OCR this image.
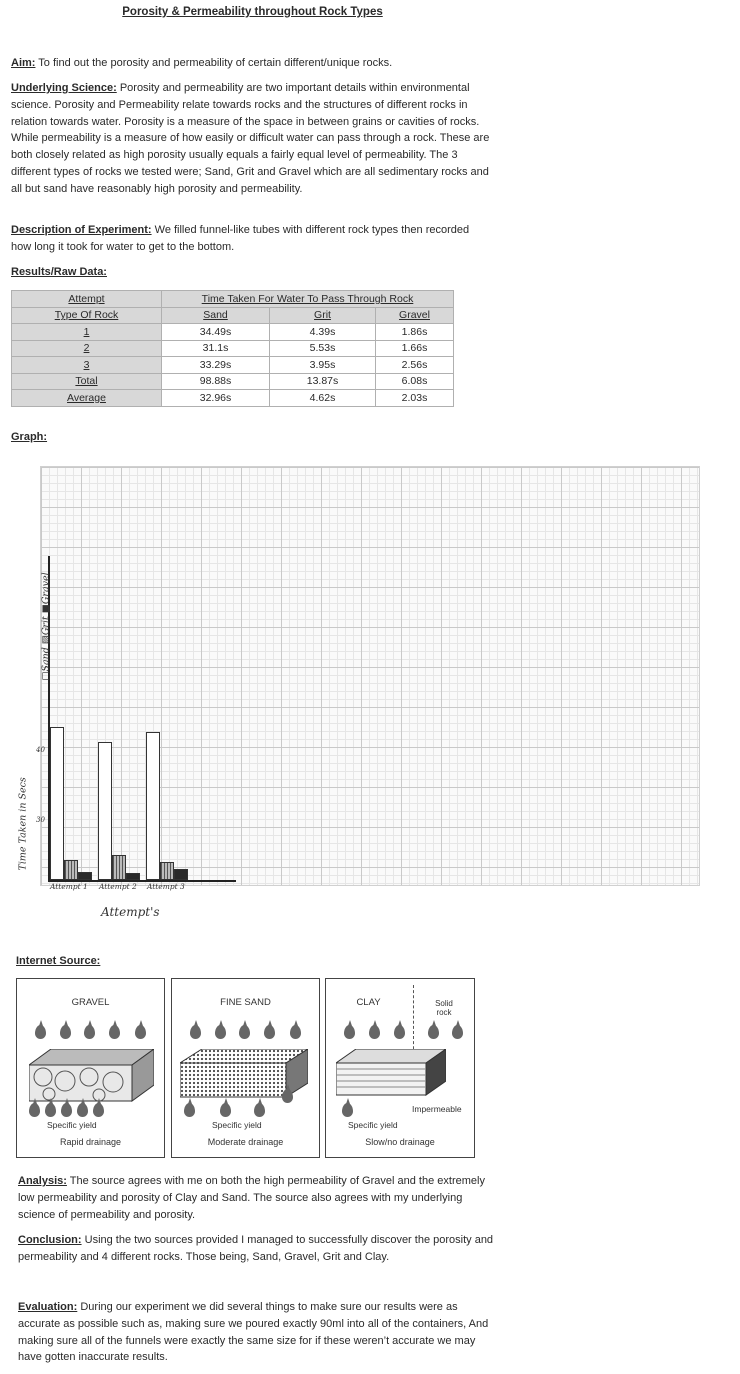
Porosity & Permeability throughout Rock Types
Aim: To find out the porosity and permeability of certain different/unique rocks.
Underlying Science: Porosity and permeability are two important details within environmental science. Porosity and Permeability relate towards rocks and the structures of different rocks in relation towards water. Porosity is a measure of the space in between grains or cavities of rocks. While permeability is a measure of how easily or difficult water can pass through a rock. These are both closely related as high porosity usually equals a fairly equal level of permeability. The 3 different types of rocks we tested were; Sand, Grit and Gravel which are all sedimentary rocks and all but sand have reasonably high porosity and permeability.
Description of Experiment: We filled funnel-like tubes with different rock types then recorded how long it took for water to get to the bottom.
Results/Raw Data:
Attempt	Time Taken For Water To Pass Through Rock		
Type Of Rock	Sand	Grit	Gravel
1	34.49s	4.39s	1.86s
2	31.1s	5.53s	1.66s
3	33.29s	3.95s	2.56s
Total	98.88s	13.87s	6.08s
Average	32.96s	4.62s	2.03s
Graph:
40
30
□Sand ▨Grit ■Gravel
Time Taken in Secs
Attempt 1 Attempt 2 Attempt 3
Attempt's
Internet Source:
GRAVEL
Specific yield
Rapid drainage
FINE SAND
Specific yield
Moderate drainage
CLAY	Solid rock
Impermeable
Specific yield
Slow/no drainage
Analysis: The source agrees with me on both the high permeability of Gravel and the extremely low permeability and porosity of Clay and Sand. The source also agrees with my underlying science of permeability and porosity.
Conclusion: Using the two sources provided I managed to successfully discover the porosity and permeability and 4 different rocks. Those being, Sand, Gravel, Grit and Clay.
Evaluation: During our experiment we did several things to make sure our results were as accurate as possible such as, making sure we poured exactly 90ml into all of the containers, And making sure all of the funnels were exactly the same size for if these weren’t accurate we may have gotten inaccurate results.
